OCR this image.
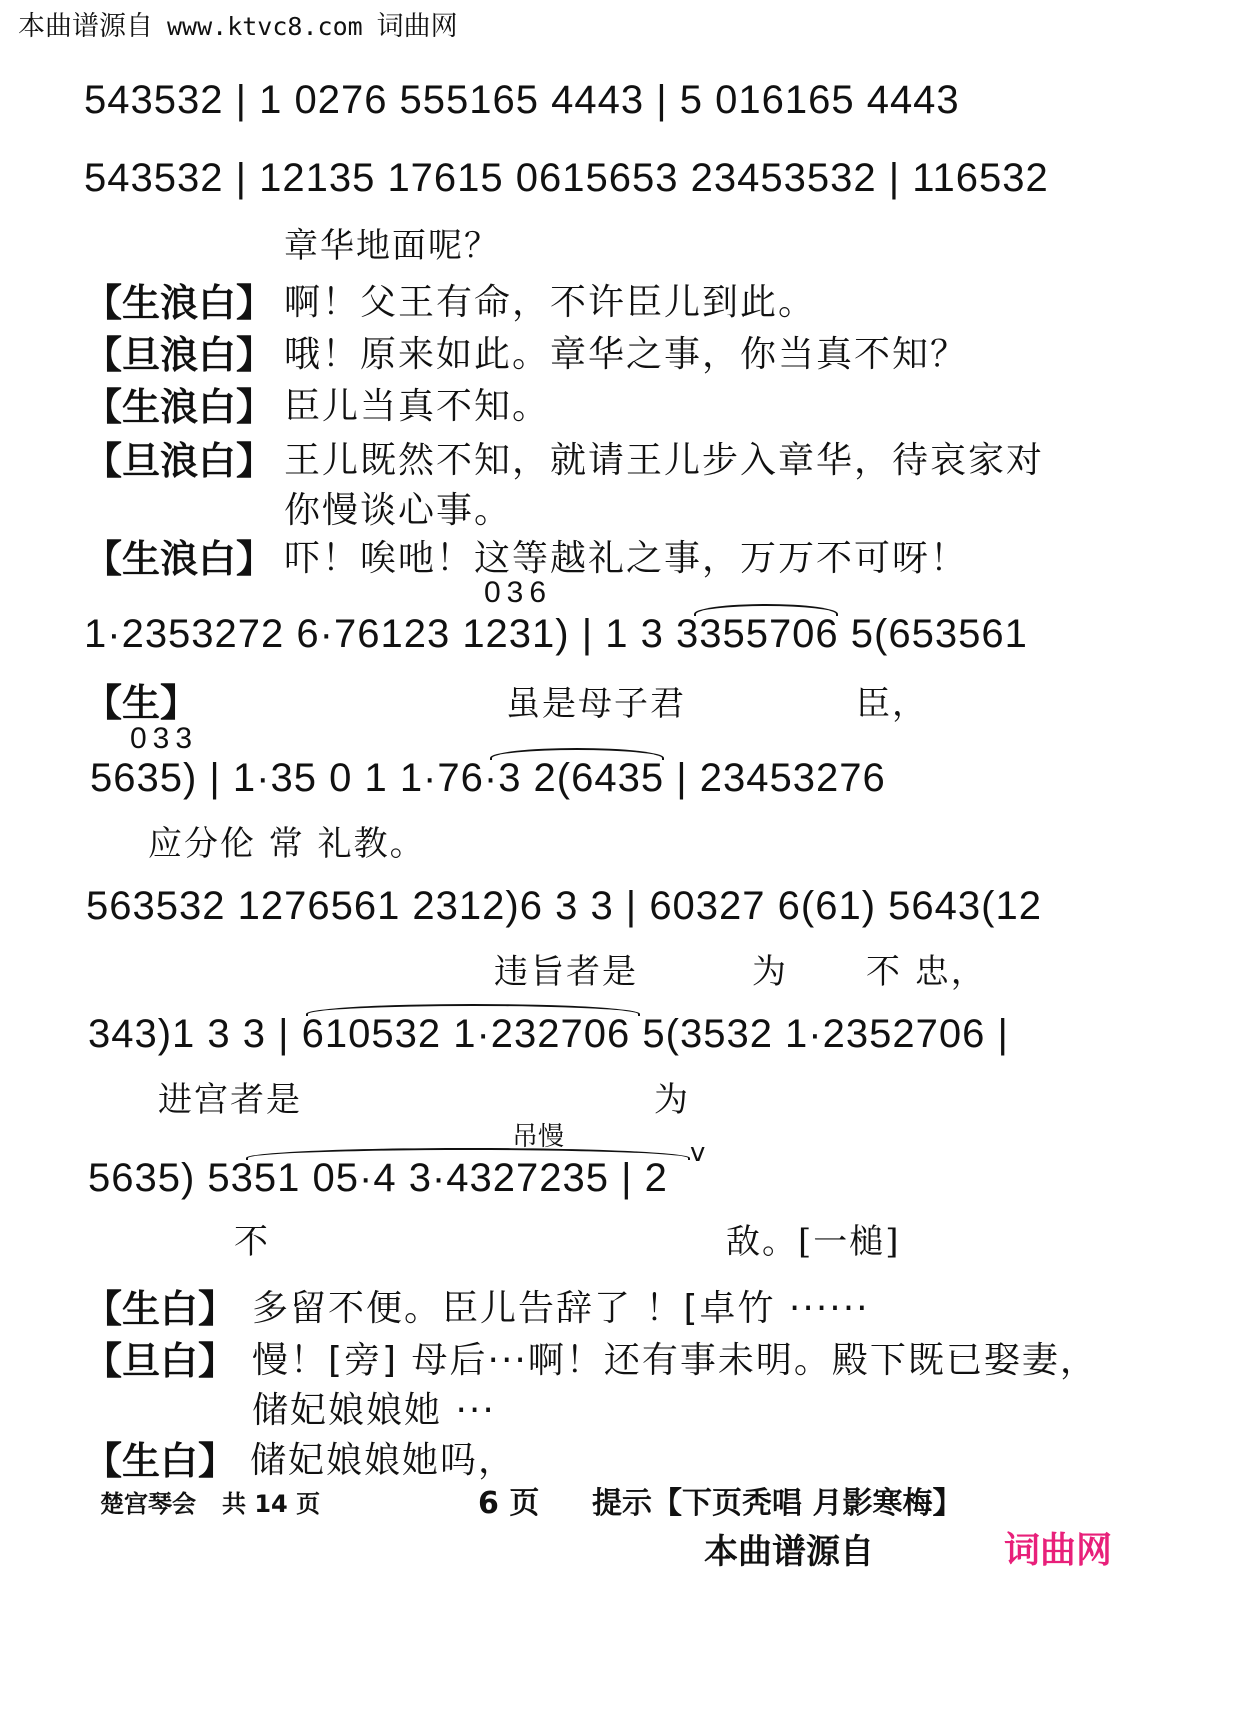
本曲谱源自 www.ktvc8.com 词曲网
543532 | 1 0276 555165 4443 | 5 016165 4443
543532 | 12135 17615 0615653 23453532 | 116532
章华地面呢？
【生浪白】 啊！父王有命，不许臣儿到此。
【旦浪白】 哦！原来如此。章华之事，你当真不知？
【生浪白】 臣儿当真不知。
【旦浪白】 王儿既然不知，就请王儿步入章华，待哀家对
你慢谈心事。
【生浪白】 吓！唉吔！这等越礼之事，万万不可呀！
036
1·2353272 6·76123 1231) | 1 3 3355706 5(653561
【生】	虽是母子君	臣，
033
5635) | 1·35 0 1 1·76·3 2(6435 | 23453276
应分伦 常 礼教。
563532 1276561 2312)6 3 3 | 60327 6(61) 5643(12
违旨者是	为 不 忠，
343)1 3 3 | 610532 1·232706 5(3532 1·2352706 |
进宫者是	为
吊慢
v
5635) 5351 05·4 3·4327235 | 2
不	敌。[一槌]
【生白】 多留不便。臣儿告辞了 ！[卓竹 ······
【旦白】 慢！[旁] 母后···啊！还有事未明。殿下既已娶妻，
储妃娘娘她 ···
【生白】 储妃娘娘她吗，
楚宫琴会 共 14 页	6 页 提示【下页秃唱 月影寒梅】
本曲谱源自	词曲网
